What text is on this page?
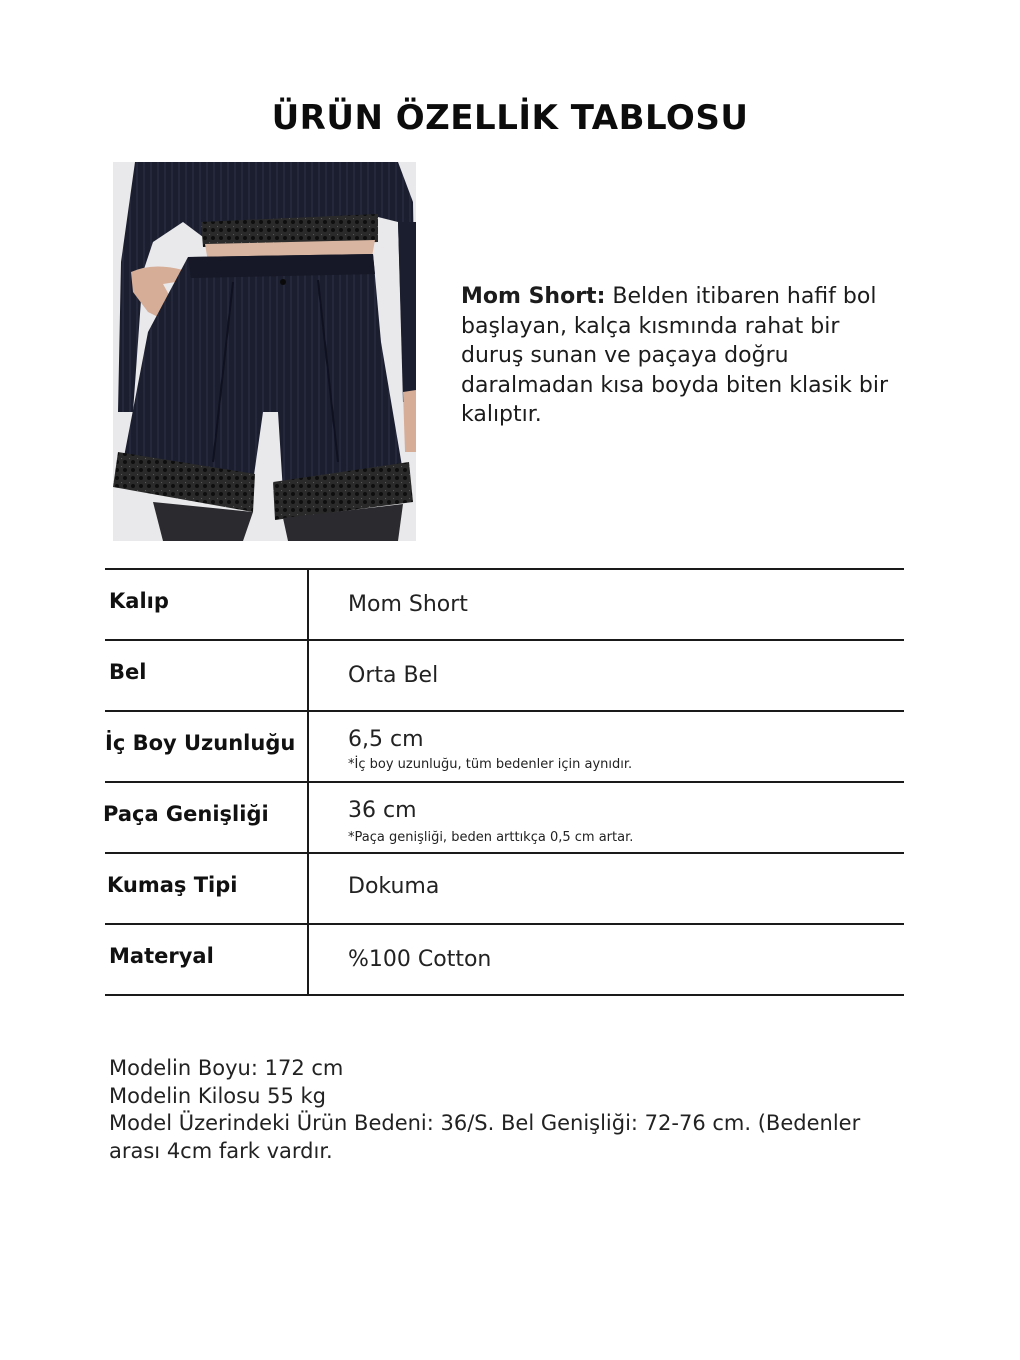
ÜRÜN ÖZELLİK TABLOSU
Mom Short: Belden itibaren hafif bol başlayan, kalça kısmında rahat bir duruş sunan ve paçaya doğru daralmadan kısa boyda biten klasik bir kalıptır.
Kalıp	Mom Short
Bel	Orta Bel
İç Boy Uzunluğu 6,5 cm
*İç boy uzunluğu, tüm bedenler için aynıdır.
Paça Genişliği	36 cm
*Paça genişliği, beden arttıkça 0,5 cm artar.
Kumaş Tipi	Dokuma
Materyal	%100 Cotton
Modelin Boyu: 172 cm
Modelin Kilosu 55 kg
Model Üzerindeki Ürün Bedeni: 36/S. Bel Genişliği: 72-76 cm. (Bedenler
arası 4cm fark vardır.
